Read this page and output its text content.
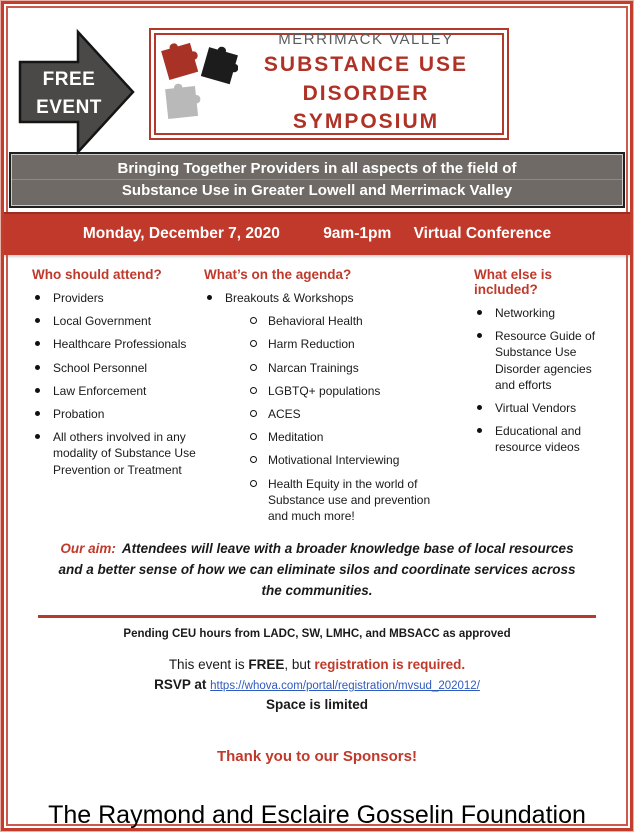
FREE
EVENT
MERRIMACK VALLEY
SUBSTANCE USE
DISORDER SYMPOSIUM
Bringing Together Providers in all aspects of the field of
Substance Use in Greater Lowell and Merrimack Valley
Monday, December 7, 2020	9am-1pm Virtual Conference
Who should attend?
Providers
Local Government
Healthcare Professionals
School Personnel
Law Enforcement
Probation
All others involved in any modality of Substance Use Prevention or Treatment
What’s on the agenda?
Breakouts & Workshops
Behavioral Health
Harm Reduction
Narcan Trainings
LGBTQ+ populations
ACES
Meditation
Motivational Interviewing
Health Equity in the world of Substance use and prevention and much more!
What else is included?
Networking
Resource Guide of Substance Use Disorder agencies and efforts
Virtual Vendors
Educational and resource videos
Our aim: Attendees will leave with a broader knowledge base of local resources and a better sense of how we can eliminate silos and coordinate services across the communities.
Pending CEU hours from LADC, SW, LMHC, and MBSACC as approved
This event is FREE, but registration is required.
RSVP at https://whova.com/portal/registration/mvsud_202012/
Space is limited
Thank you to our Sponsors!
The Raymond and Esclaire Gosselin Foundation
